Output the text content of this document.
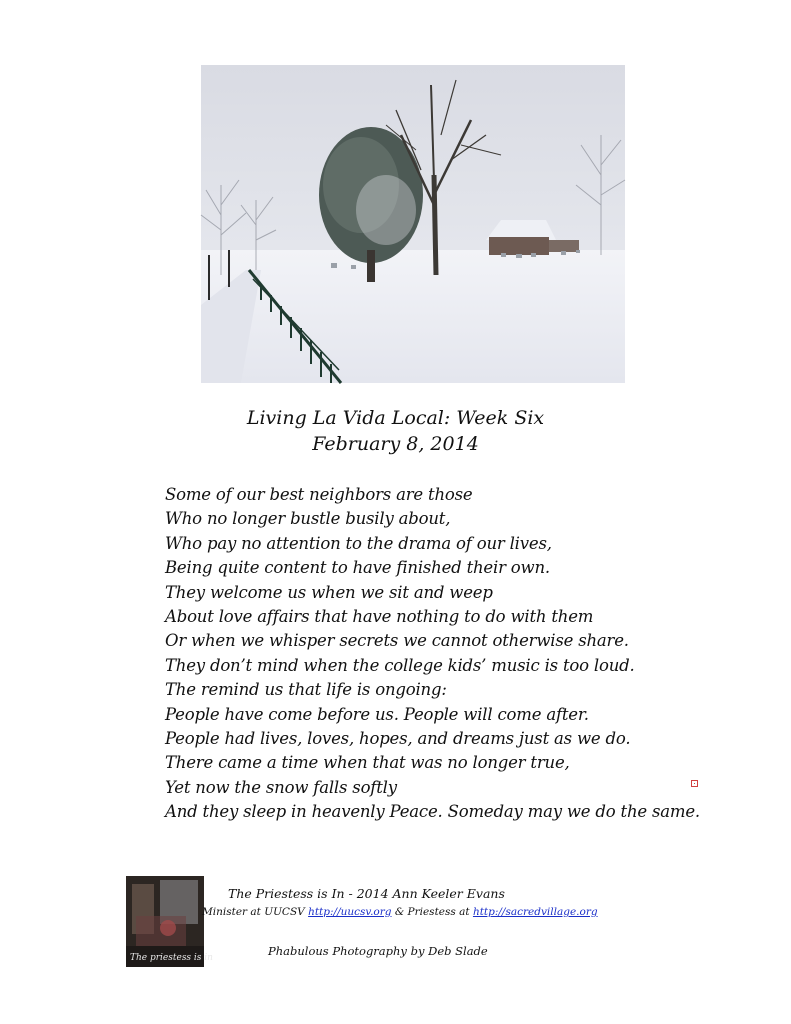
Living La Vida Local: Week Six
February 8, 2014
Some of our best neighbors are those
Who no longer bustle busily about,
Who pay no attention to the drama of our lives,
Being quite content to have finished their own.
They welcome us when we sit and weep
About love affairs that have nothing to do with them
Or when we whisper secrets we cannot otherwise share.
They don’t mind when the college kids’ music is too loud.
The remind us that life is ongoing:
People have come before us. People will come after.
People had lives, loves, hopes, and dreams just as we do.
There came a time when that was no longer true,
Yet now the snow falls softly
And they sleep in heavenly Peace. Someday may we do the same.
The priestess is in
The Priestess is In - 2014 Ann Keeler Evans
Minister at UUCSV http://uucsv.org & Priestess at http://sacredvillage.org
Phabulous Photography by Deb Slade
